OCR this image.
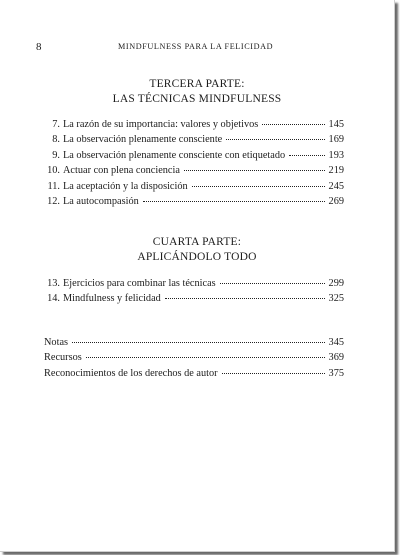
8	MINDFULNESS PARA LA FELICIDAD
TERCERA PARTE:
LAS TÉCNICAS MINDFULNESS
7. La razón de su importancia: valores y objetivos	145
8. La observación plenamente consciente	169
9. La observación plenamente consciente con etiquetado	193
10. Actuar con plena conciencia	219
11. La aceptación y la disposición	245
12. La autocompasión	269
CUARTA PARTE:
APLICÁNDOLO TODO
13. Ejercicios para combinar las técnicas	299
14. Mindfulness y felicidad	325
Notas	345
Recursos	369
Reconocimientos de los derechos de autor	375
